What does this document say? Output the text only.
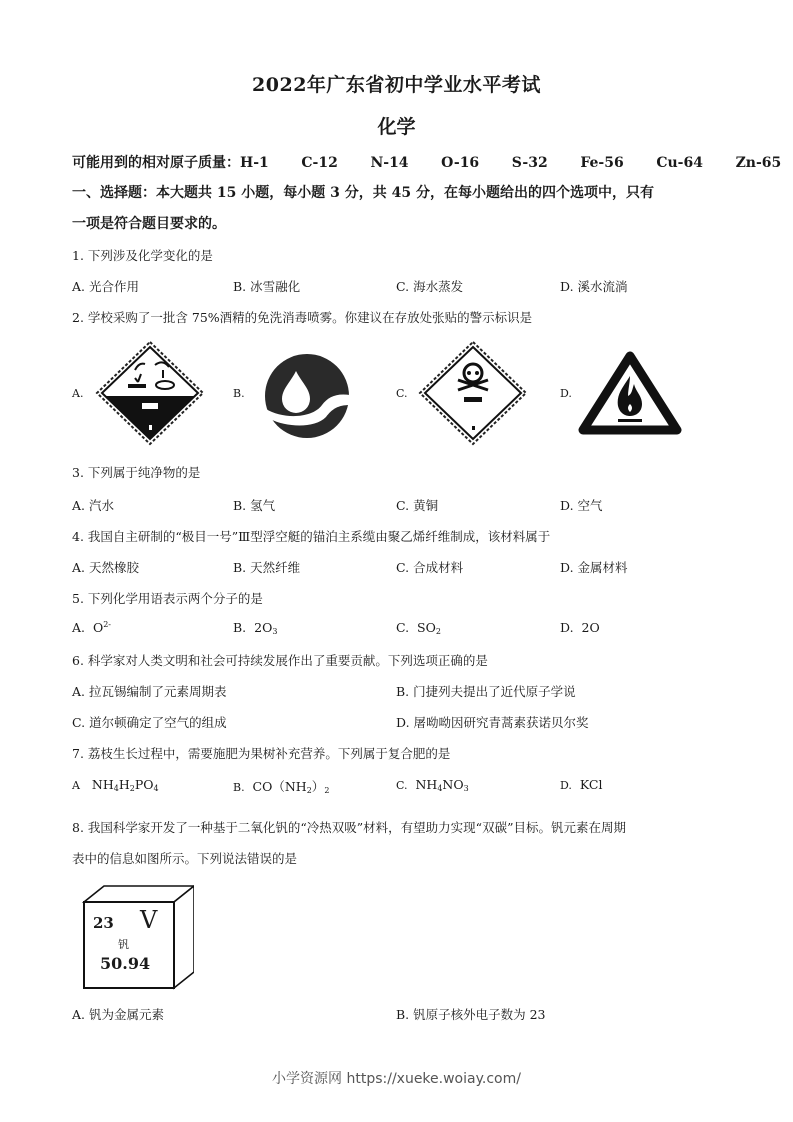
2022年广东省初中学业水平考试
化学
可能用到的相对原子质量：H-1   C-12   N-14   O-16   S-32   Fe-56   Cu-64   Zn-65
一、选择题：本大题共 15 小题，每小题 3 分，共 45 分，在每小题给出的四个选项中，只有
一项是符合题目要求的。
1. 下列涉及化学变化的是
A. 光合作用	B. 冰雪融化	C. 海水蒸发	D. 溪水流淌
2. 学校采购了一批含 75%酒精的免洗消毒喷雾。你建议在存放处张贴的警示标识是
A.	B.	C.	D.
3. 下列属于纯净物的是
A. 汽水	B. 氢气	C. 黄铜	D. 空气
4. 我国自主研制的“极目一号”Ⅲ型浮空艇的锚泊主系缆由聚乙烯纤维制成，该材料属于
A. 天然橡胶	B. 天然纤维	C. 合成材料	D. 金属材料
5. 下列化学用语表示两个分子的是
A. $O^{2-}$	B. $2O_3$	C. $SO_2$	D. 2O
6. 科学家对人类文明和社会可持续发展作出了重要贡献。下列选项正确的是
A. 拉瓦锡编制了元素周期表	B. 门捷列夫提出了近代原子学说
C. 道尔顿确定了空气的组成	D. 屠呦呦因研究青蒿素获诺贝尔奖
7. 荔枝生长过程中，需要施肥为果树补充营养。下列属于复合肥的是
A $NH_4H_2PO_4$	B. $CO(NH_2)_2$	C. $NH_4NO_3$	D. KCl
8. 我国科学家开发了一种基于二氧化钒的“冷热双吸”材料，有望助力实现“双碳”目标。钒元素在周期
表中的信息如图所示。下列说法错误的是
23 V
钒
50.94
A. 钒为金属元素	B. 钒原子核外电子数为 23
小学资源网 https://xueke.woiay.com/
